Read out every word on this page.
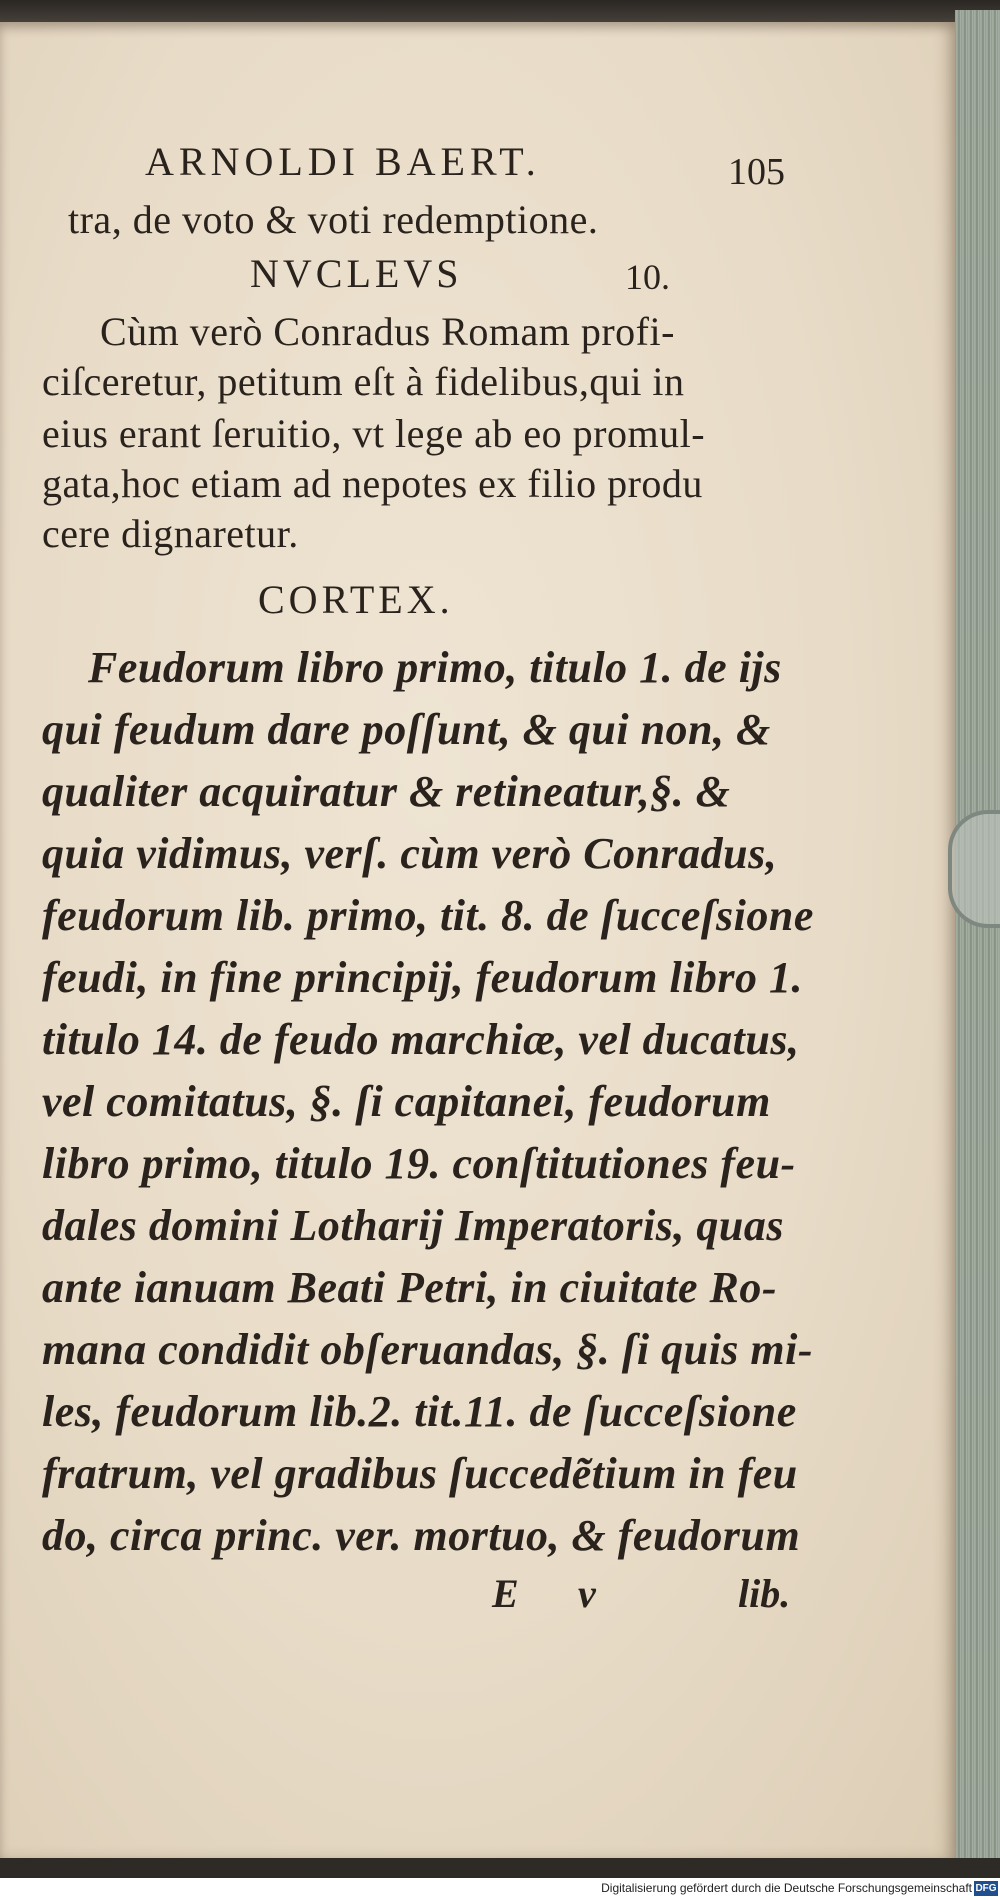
ARNOLDI BAERT.	105
tra, de voto & voti redemptione.
NVCLEVS	10.
Cùm verò Conradus Romam profi-
ciſceretur, petitum eſt à fidelibus,qui in
eius erant ſeruitio, vt lege ab eo promul-
gata,hoc etiam ad nepotes ex filio produ
cere dignaretur.
CORTEX.
Feudorum libro primo, titulo 1. de ijs
qui feudum dare poſſunt, & qui non, &
qualiter acquiratur & retineatur,§. &
quia vidimus, verſ. cùm verò Conradus,
feudorum lib. primo, tit. 8. de ſucceſsione
feudi, in fine principij, feudorum libro 1.
titulo 14. de feudo marchiæ, vel ducatus,
vel comitatus, §. ſi capitanei, feudorum
libro primo, titulo 19. conſtitutiones feu-
dales domini Lotharij Imperatoris, quas
ante ianuam Beati Petri, in ciuitate Ro-
mana condidit obſeruandas, §. ſi quis mi-
les, feudorum lib.2. tit.11. de ſucceſsione
fratrum, vel gradibus ſuccedẽtium in feu
do, circa princ. ver. mortuo, & feudorum
E v	lib.
Digitalisierung gefördert durch die Deutsche Forschungsgemeinschaft DFG
